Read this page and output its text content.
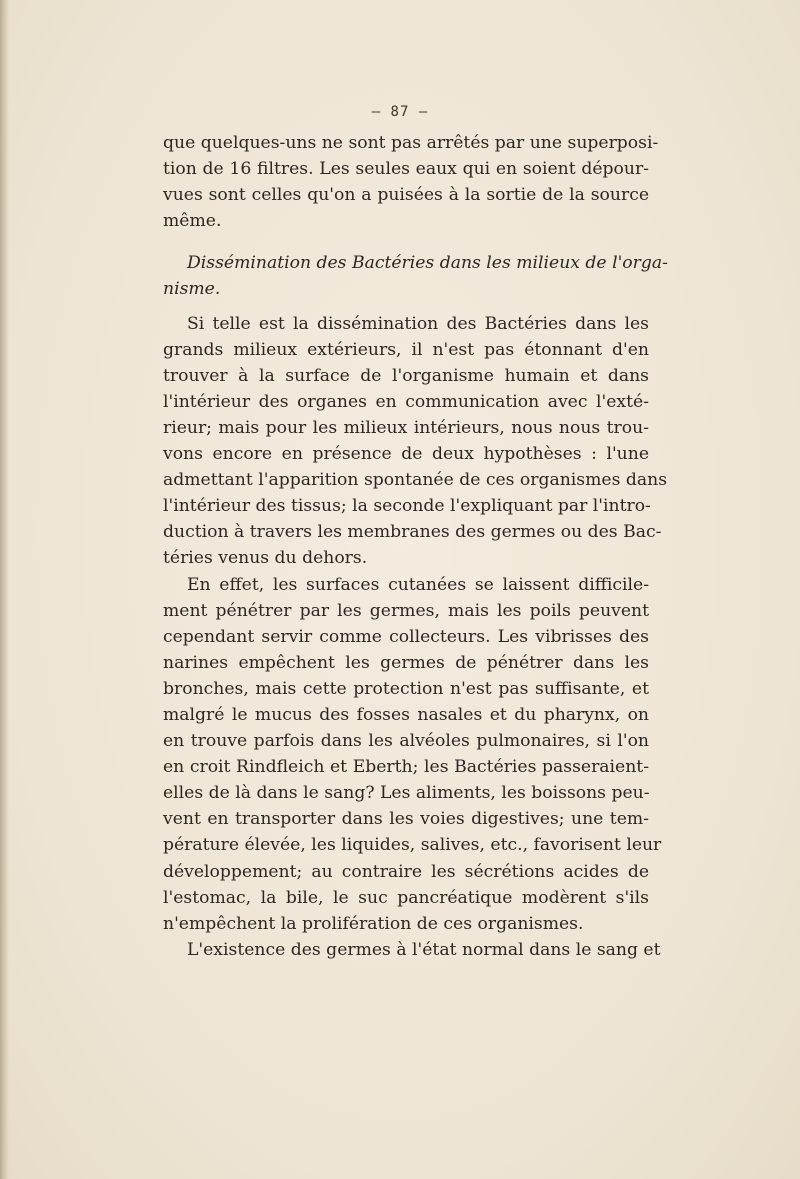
— 87 —
que quelques-uns ne sont pas arrêtés par une superposi-
tion de 16 filtres. Les seules eaux qui en soient dépour-
vues sont celles qu'on a puisées à la sortie de la source
même.
Dissémination des Bactéries dans les milieux de l'orga-
nisme.
Si telle est la dissémination des Bactéries dans les
grands milieux extérieurs, il n'est pas étonnant d'en
trouver à la surface de l'organisme humain et dans
l'intérieur des organes en communication avec l'exté-
rieur; mais pour les milieux intérieurs, nous nous trou-
vons encore en présence de deux hypothèses : l'une
admettant l'apparition spontanée de ces organismes dans
l'intérieur des tissus; la seconde l'expliquant par l'intro-
duction à travers les membranes des germes ou des Bac-
téries venus du dehors.
En effet, les surfaces cutanées se laissent difficile-
ment pénétrer par les germes, mais les poils peuvent
cependant servir comme collecteurs. Les vibrisses des
narines empêchent les germes de pénétrer dans les
bronches, mais cette protection n'est pas suffisante, et
malgré le mucus des fosses nasales et du pharynx, on
en trouve parfois dans les alvéoles pulmonaires, si l'on
en croit Rindfleich et Eberth; les Bactéries passeraient-
elles de là dans le sang? Les aliments, les boissons peu-
vent en transporter dans les voies digestives; une tem-
pérature élevée, les liquides, salives, etc., favorisent leur
développement; au contraire les sécrétions acides de
l'estomac, la bile, le suc pancréatique modèrent s'ils
n'empêchent la prolifération de ces organismes.
L'existence des germes à l'état normal dans le sang et
